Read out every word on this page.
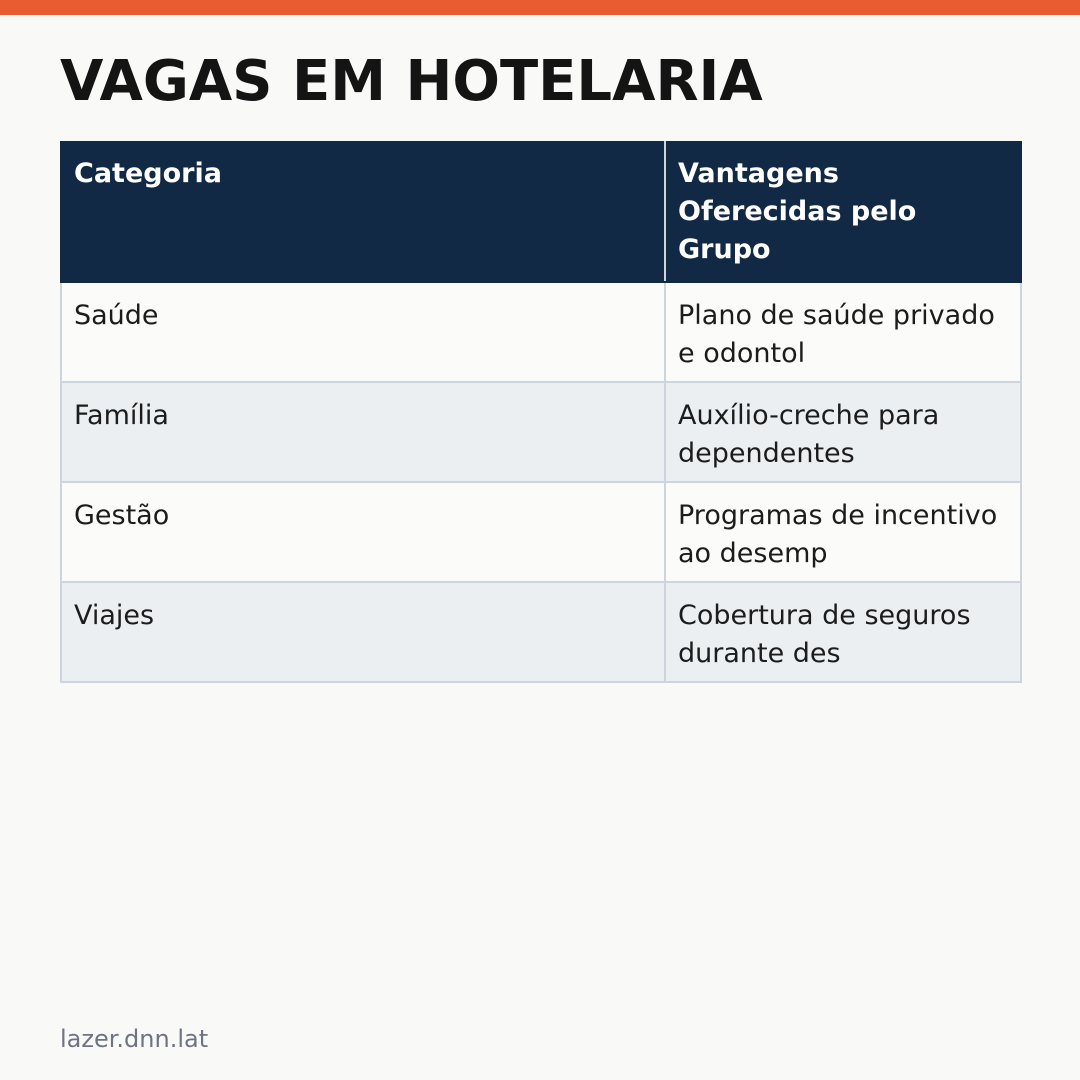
VAGAS EM HOTELARIA
Categoria	Vantagens Oferecidas pelo Grupo
Saúde	Plano de saúde privado e odontol
Família	Auxílio-creche para dependentes
Gestão	Programas de incentivo ao desemp
Viajes	Cobertura de seguros durante des
lazer.dnn.lat
